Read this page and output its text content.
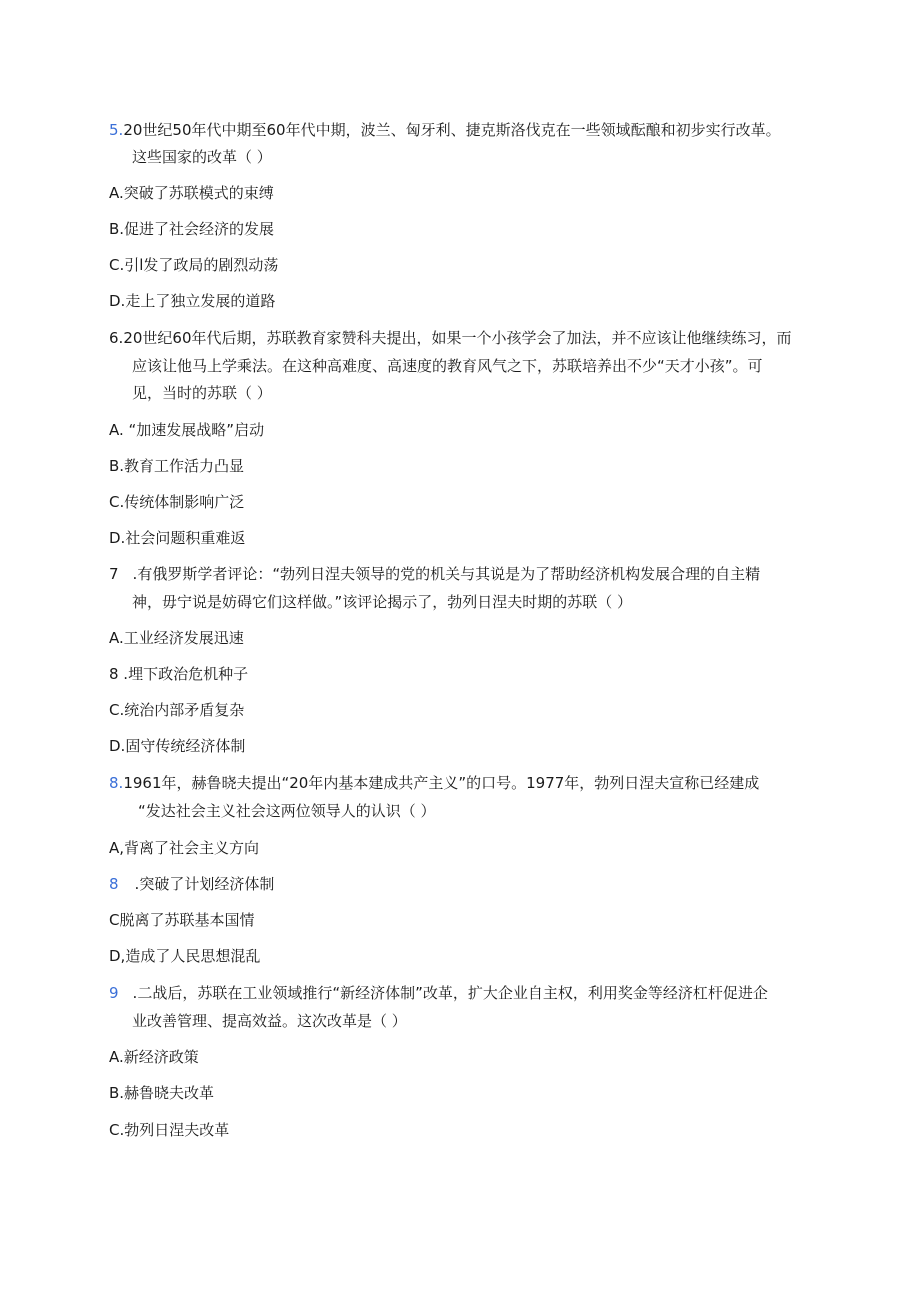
5.20世纪50年代中期至60年代中期，波兰、匈牙利、捷克斯洛伐克在一些领域酝酿和初步实行改革。
这些国家的改革（ ）
A.突破了苏联模式的束缚
B.促进了社会经济的发展
C.引l发了政局的剧烈动荡
D.走上了独立发展的道路
6.20世纪60年代后期，苏联教育家赞科夫提出，如果一个小孩学会了加法，并不应该让他继续练习，而
应该让他马上学乘法。在这种高难度、高速度的教育风气之下，苏联培养出不少“天才小孩”。可
见，当时的苏联（ ）
A. “加速发展战略”启动
B.教育工作活力凸显
C.传统体制影响广泛
D.社会问题积重难返
7 .有俄罗斯学者评论：“勃列日涅夫领导的党的机关与其说是为了帮助经济机构发展合理的自主精
神，毋宁说是妨碍它们这样做。”该评论揭示了，勃列日涅夫时期的苏联（ ）
A.工业经济发展迅速
8 .埋下政治危机种子
C.统治内部矛盾复杂
D.固守传统经济体制
8.1961年，赫鲁晓夫提出“20年内基本建成共产主义”的口号。1977年，勃列日涅夫宣称已经建成
“发达社会主义社会这两位领导人的认识（ ）
A,背离了社会主义方向
8 .突破了计划经济体制
C脱离了苏联基本国情
D,造成了人民思想混乱
9 .二战后，苏联在工业领域推行“新经济体制”改革，扩大企业自主权，利用奖金等经济杠杆促进企
业改善管理、提高效益。这次改革是（ ）
A.新经济政策
B.赫鲁晓夫改革
C.勃列日涅夫改革
